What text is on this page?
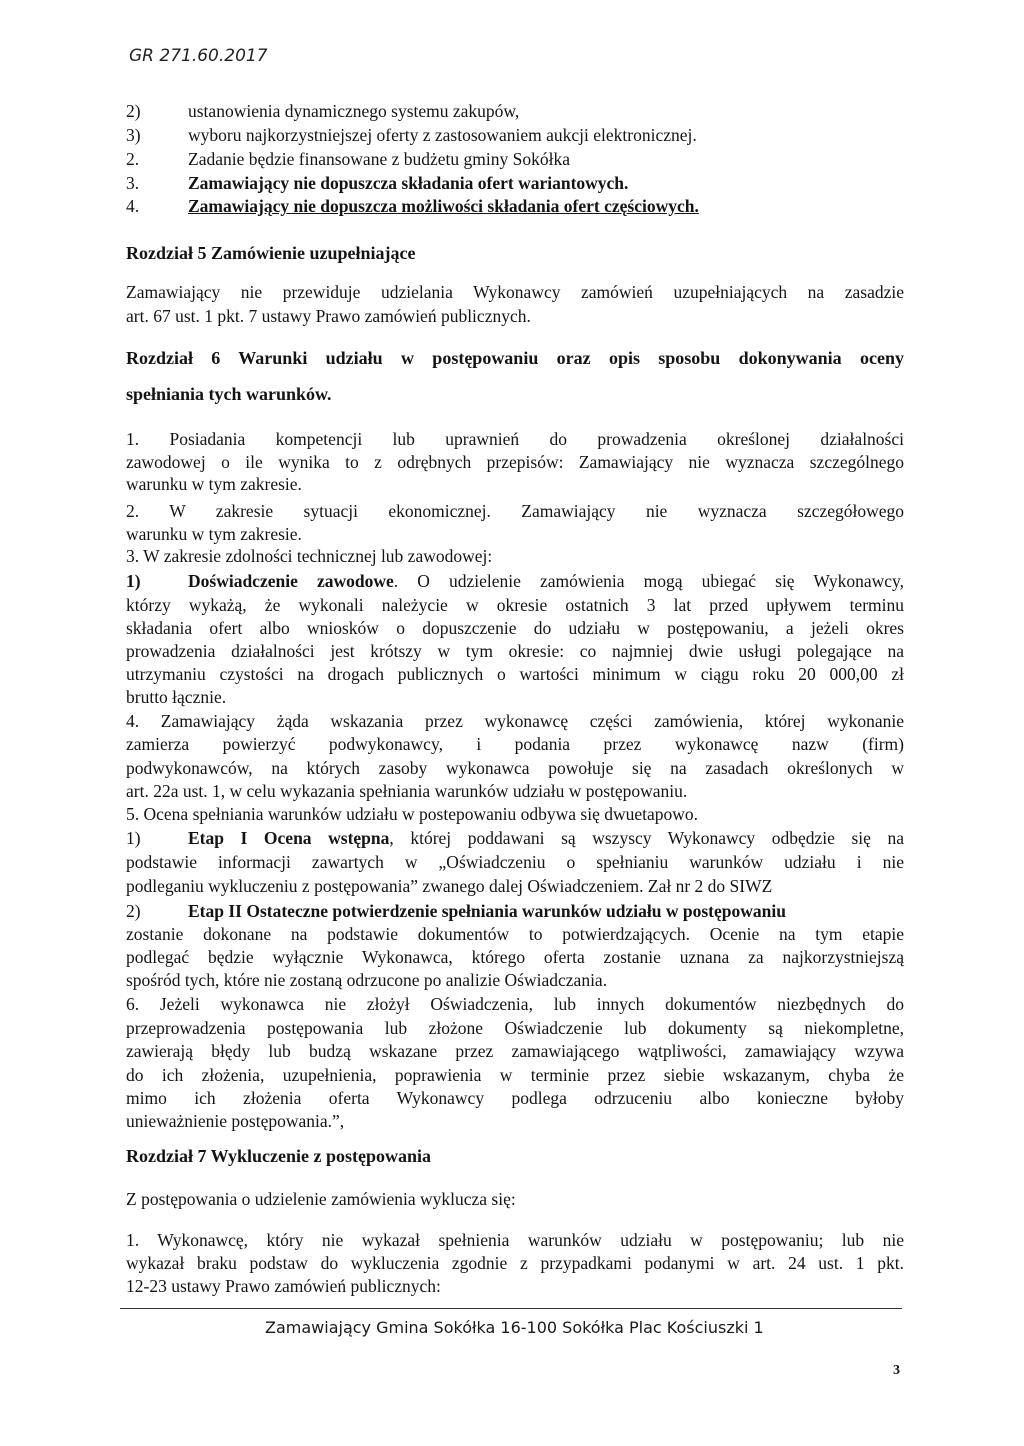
GR 271.60.2017
2)	ustanowienia dynamicznego systemu zakupów,
3)	wyboru najkorzystniejszej oferty z zastosowaniem aukcji elektronicznej.
2.	Zadanie będzie finansowane z budżetu gminy Sokółka
3.	Zamawiający nie dopuszcza składania ofert wariantowych.
4.	Zamawiający nie dopuszcza możliwości składania ofert częściowych.
Rozdział 5 Zamówienie uzupełniające
Zamawiający nie przewiduje udzielania Wykonawcy zamówień uzupełniających na zasadzie
art. 67 ust. 1 pkt. 7 ustawy Prawo zamówień publicznych.
Rozdział 6 Warunki udziału w postępowaniu oraz opis sposobu dokonywania oceny
spełniania tych warunków.
1. Posiadania kompetencji lub uprawnień do prowadzenia określonej działalności
zawodowej o ile wynika to z odrębnych przepisów: Zamawiający nie wyznacza szczególnego
warunku w tym zakresie.
2. W zakresie sytuacji ekonomicznej. Zamawiający nie wyznacza szczegółowego
warunku w tym zakresie.
3. W zakresie zdolności technicznej lub zawodowej:
1)	Doświadczenie zawodowe. O udzielenie zamówienia mogą ubiegać się Wykonawcy,
którzy wykażą, że wykonali należycie w okresie ostatnich 3 lat przed upływem terminu
składania ofert albo wniosków o dopuszczenie do udziału w postępowaniu, a jeżeli okres
prowadzenia działalności jest krótszy w tym okresie: co najmniej dwie usługi polegające na
utrzymaniu czystości na drogach publicznych o wartości minimum w ciągu roku 20 000,00 zł
brutto łącznie.
4. Zamawiający żąda wskazania przez wykonawcę części zamówienia, której wykonanie
zamierza powierzyć podwykonawcy, i podania przez wykonawcę nazw (firm)
podwykonawców, na których zasoby wykonawca powołuje się na zasadach określonych w
art. 22a ust. 1, w celu wykazania spełniania warunków udziału w postępowaniu.
5. Ocena spełniania warunków udziału w postepowaniu odbywa się dwuetapowo.
1)	Etap I Ocena wstępna, której poddawani są wszyscy Wykonawcy odbędzie się na
podstawie informacji zawartych w „Oświadczeniu o spełnianiu warunków udziału i nie
podleganiu wykluczeniu z postępowania” zwanego dalej Oświadczeniem. Zał nr 2 do SIWZ
2)	Etap II Ostateczne potwierdzenie spełniania warunków udziału w postępowaniu
zostanie dokonane na podstawie dokumentów to potwierdzających. Ocenie na tym etapie
podlegać będzie wyłącznie Wykonawca, którego oferta zostanie uznana za najkorzystniejszą
spośród tych, które nie zostaną odrzucone po analizie Oświadczania.
6. Jeżeli wykonawca nie złożył Oświadczenia, lub innych dokumentów niezbędnych do
przeprowadzenia postępowania lub złożone Oświadczenie lub dokumenty są niekompletne,
zawierają błędy lub budzą wskazane przez zamawiającego wątpliwości, zamawiający wzywa
do ich złożenia, uzupełnienia, poprawienia w terminie przez siebie wskazanym, chyba że
mimo ich złożenia oferta Wykonawcy podlega odrzuceniu albo konieczne byłoby
unieważnienie postępowania.”,
Rozdział 7 Wykluczenie z postępowania
Z postępowania o udzielenie zamówienia wyklucza się:
1. Wykonawcę, który nie wykazał spełnienia warunków udziału w postępowaniu; lub nie
wykazał braku podstaw do wykluczenia zgodnie z przypadkami podanymi w art. 24 ust. 1 pkt.
12-23 ustawy Prawo zamówień publicznych:
Zamawiający Gmina Sokółka 16-100 Sokółka Plac Kościuszki 1
3
